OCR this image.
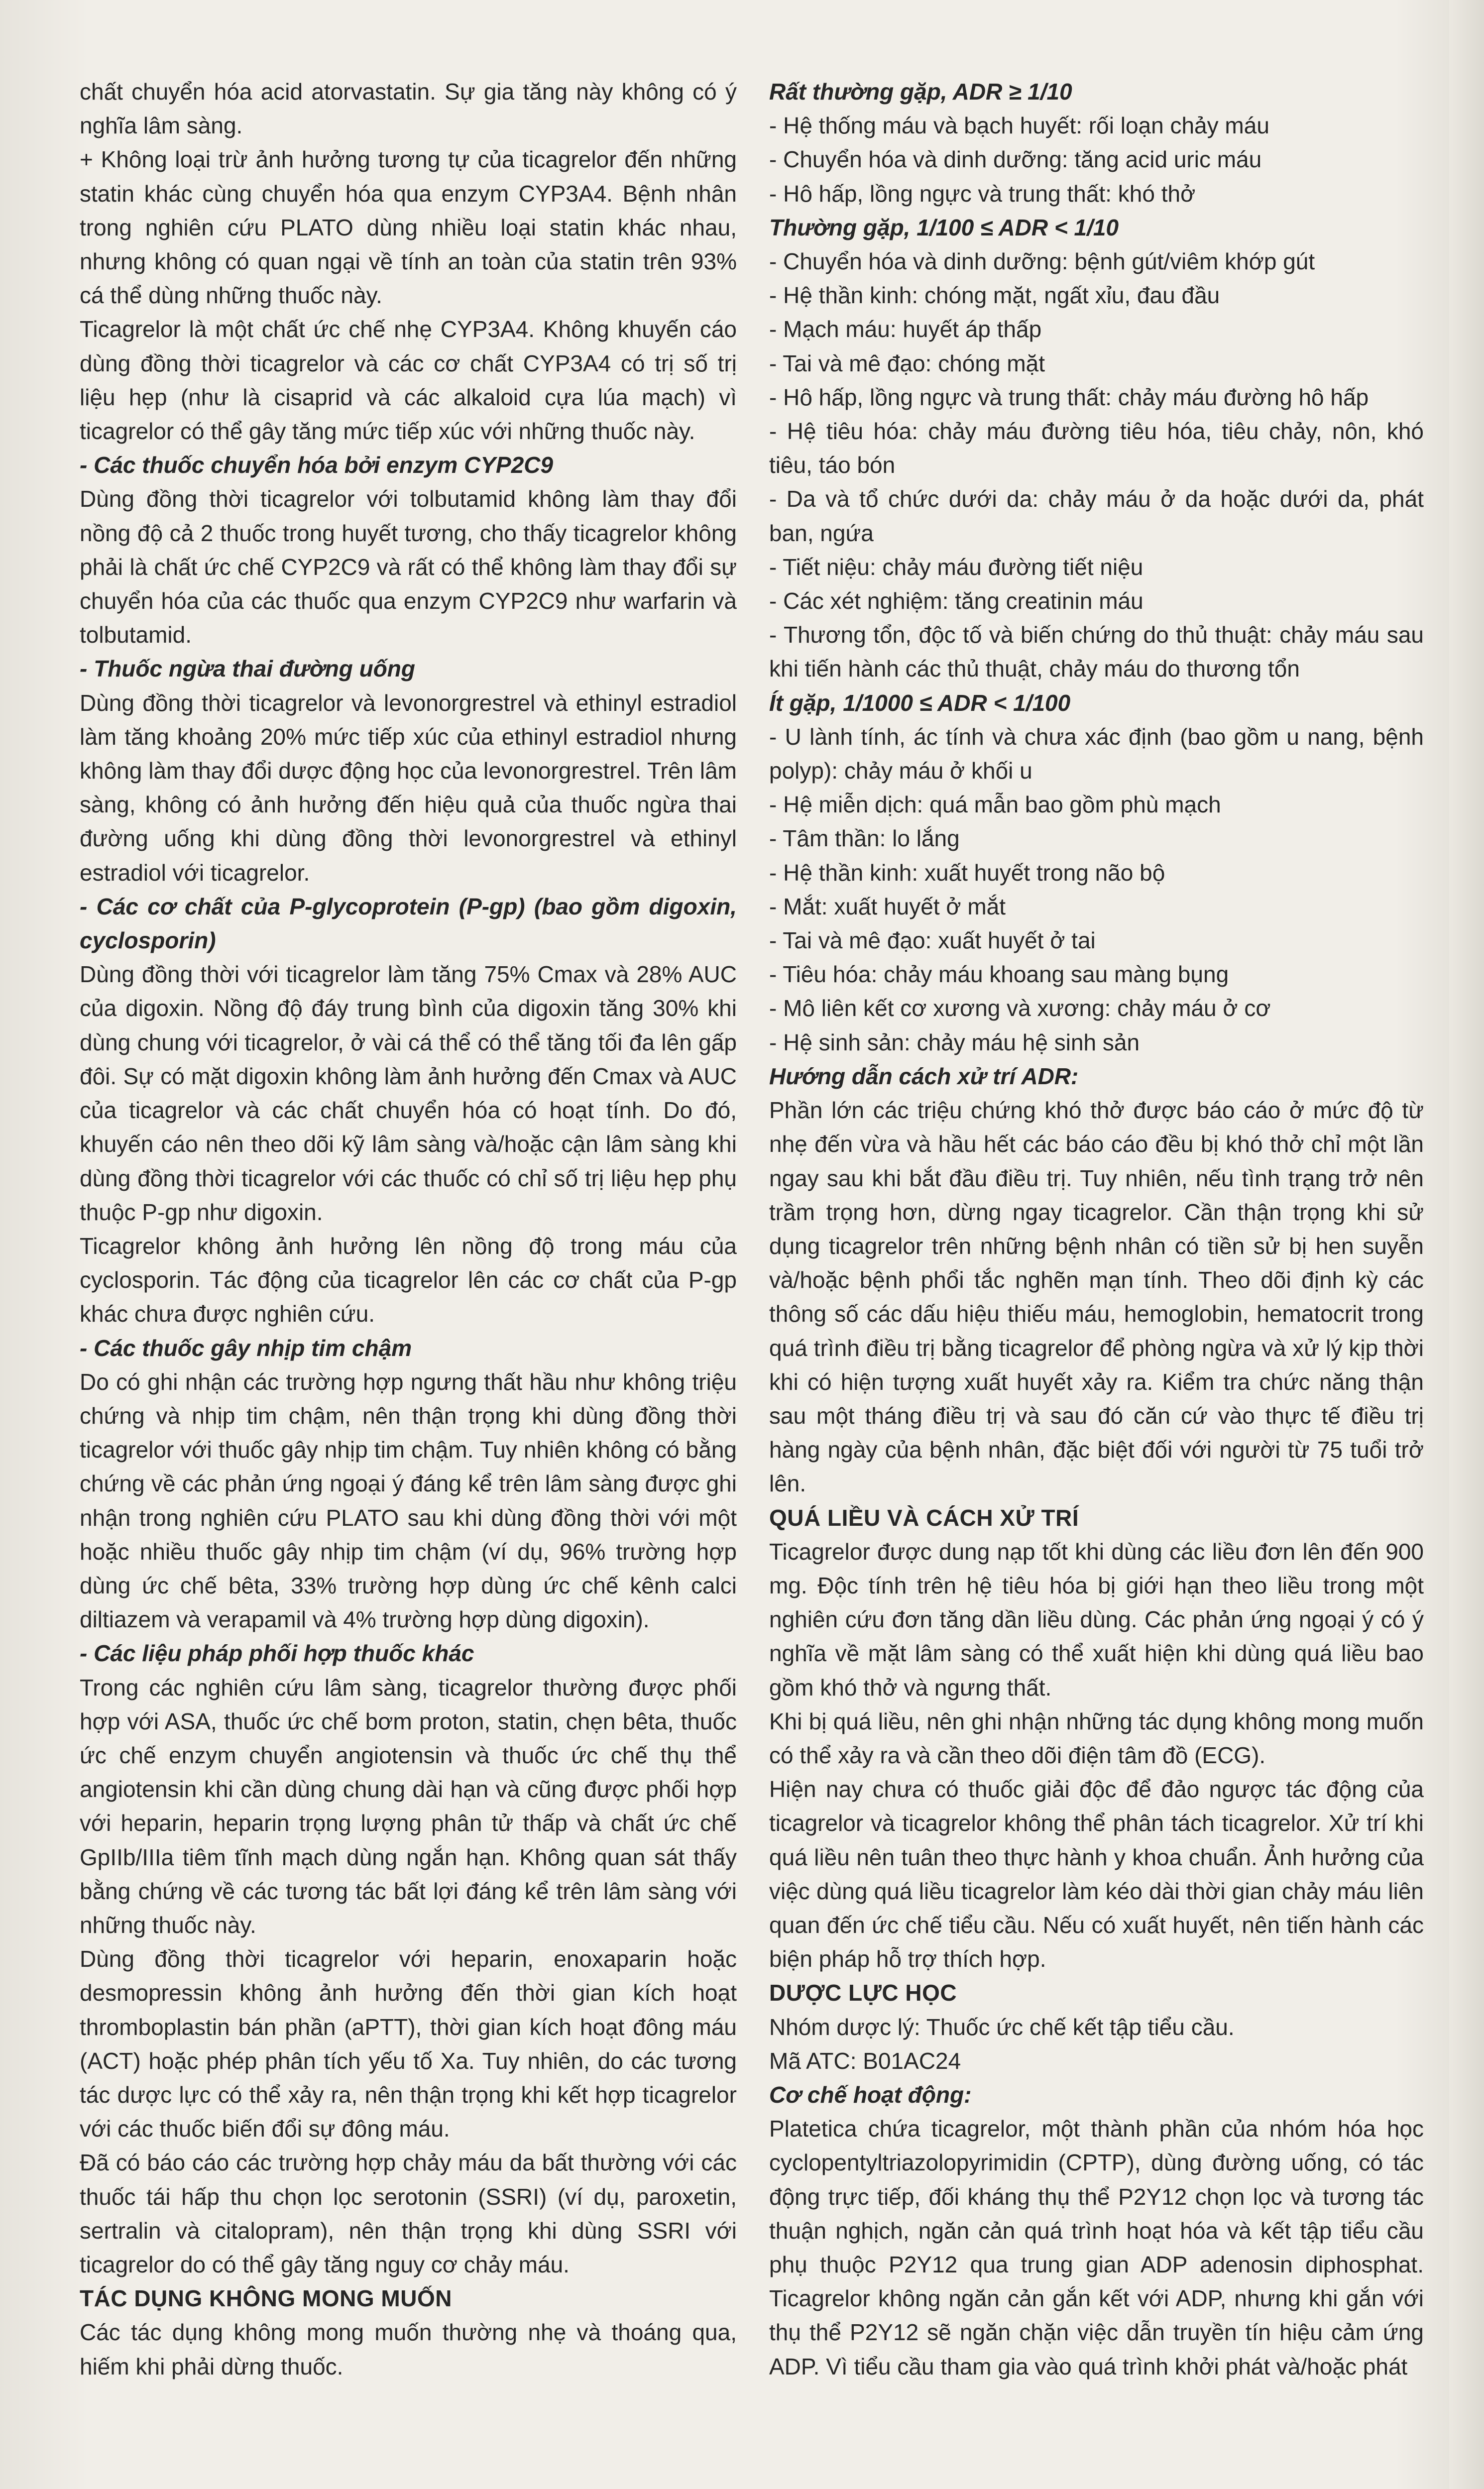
chất chuyển hóa acid atorvastatin. Sự gia tăng này không có ý nghĩa lâm sàng.

+ Không loại trừ ảnh hưởng tương tự của ticagrelor đến những statin khác cùng chuyển hóa qua enzym CYP3A4. Bệnh nhân trong nghiên cứu PLATO dùng nhiều loại statin khác nhau, nhưng không có quan ngại về tính an toàn của statin trên 93% cá thể dùng những thuốc này.

Ticagrelor là một chất ức chế nhẹ CYP3A4. Không khuyến cáo dùng đồng thời ticagrelor và các cơ chất CYP3A4 có trị số trị liệu hẹp (như là cisaprid và các alkaloid cựa lúa mạch) vì ticagrelor có thể gây tăng mức tiếp xúc với những thuốc này.

- Các thuốc chuyển hóa bởi enzym CYP2C9

Dùng đồng thời ticagrelor với tolbutamid không làm thay đổi nồng độ cả 2 thuốc trong huyết tương, cho thấy ticagrelor không phải là chất ức chế CYP2C9 và rất có thể không làm thay đổi sự chuyển hóa của các thuốc qua enzym CYP2C9 như warfarin và tolbutamid.

- Thuốc ngừa thai đường uống

Dùng đồng thời ticagrelor và levonorgrestrel và ethinyl estradiol làm tăng khoảng 20% mức tiếp xúc của ethinyl estradiol nhưng không làm thay đổi dược động học của levonorgrestrel. Trên lâm sàng, không có ảnh hưởng đến hiệu quả của thuốc ngừa thai đường uống khi dùng đồng thời levonorgrestrel và ethinyl estradiol với ticagrelor.

- Các cơ chất của P-glycoprotein (P-gp) (bao gồm digoxin, cyclosporin)

Dùng đồng thời với ticagrelor làm tăng 75% Cmax và 28% AUC của digoxin. Nồng độ đáy trung bình của digoxin tăng 30% khi dùng chung với ticagrelor, ở vài cá thể có thể tăng tối đa lên gấp đôi. Sự có mặt digoxin không làm ảnh hưởng đến Cmax và AUC của ticagrelor và các chất chuyển hóa có hoạt tính. Do đó, khuyến cáo nên theo dõi kỹ lâm sàng và/hoặc cận lâm sàng khi dùng đồng thời ticagrelor với các thuốc có chỉ số trị liệu hẹp phụ thuộc P-gp như digoxin.

Ticagrelor không ảnh hưởng lên nồng độ trong máu của cyclosporin. Tác động của ticagrelor lên các cơ chất của P-gp khác chưa được nghiên cứu.

- Các thuốc gây nhịp tim chậm

Do có ghi nhận các trường hợp ngưng thất hầu như không triệu chứng và nhịp tim chậm, nên thận trọng khi dùng đồng thời ticagrelor với thuốc gây nhịp tim chậm. Tuy nhiên không có bằng chứng về các phản ứng ngoại ý đáng kể trên lâm sàng được ghi nhận trong nghiên cứu PLATO sau khi dùng đồng thời với một hoặc nhiều thuốc gây nhịp tim chậm (ví dụ, 96% trường hợp dùng ức chế bêta, 33% trường hợp dùng ức chế kênh calci diltiazem và verapamil và 4% trường hợp dùng digoxin).

- Các liệu pháp phối hợp thuốc khác

Trong các nghiên cứu lâm sàng, ticagrelor thường được phối hợp với ASA, thuốc ức chế bơm proton, statin, chẹn bêta, thuốc ức chế enzym chuyển angiotensin và thuốc ức chế thụ thể angiotensin khi cần dùng chung dài hạn và cũng được phối hợp với heparin, heparin trọng lượng phân tử thấp và chất ức chế GpIIb/IIIa tiêm tĩnh mạch dùng ngắn hạn. Không quan sát thấy bằng chứng về các tương tác bất lợi đáng kể trên lâm sàng với những thuốc này.

Dùng đồng thời ticagrelor với heparin, enoxaparin hoặc desmopressin không ảnh hưởng đến thời gian kích hoạt thromboplastin bán phần (aPTT), thời gian kích hoạt đông máu (ACT) hoặc phép phân tích yếu tố Xa. Tuy nhiên, do các tương tác dược lực có thể xảy ra, nên thận trọng khi kết hợp ticagrelor với các thuốc biến đổi sự đông máu.

Đã có báo cáo các trường hợp chảy máu da bất thường với các thuốc tái hấp thu chọn lọc serotonin (SSRI) (ví dụ, paroxetin, sertralin và citalopram), nên thận trọng khi dùng SSRI với ticagrelor do có thể gây tăng nguy cơ chảy máu.

TÁC DỤNG KHÔNG MONG MUỐN

Các tác dụng không mong muốn thường nhẹ và thoáng qua, hiếm khi phải dừng thuốc.

Rất thường gặp, ADR ≥ 1/10

- Hệ thống máu và bạch huyết: rối loạn chảy máu

- Chuyển hóa và dinh dưỡng: tăng acid uric máu

- Hô hấp, lồng ngực và trung thất: khó thở

Thường gặp, 1/100 ≤ ADR < 1/10

- Chuyển hóa và dinh dưỡng: bệnh gút/viêm khớp gút

- Hệ thần kinh: chóng mặt, ngất xỉu, đau đầu

- Mạch máu: huyết áp thấp

- Tai và mê đạo: chóng mặt

- Hô hấp, lồng ngực và trung thất: chảy máu đường hô hấp

- Hệ tiêu hóa: chảy máu đường tiêu hóa, tiêu chảy, nôn, khó tiêu, táo bón

- Da và tổ chức dưới da: chảy máu ở da hoặc dưới da, phát ban, ngứa

- Tiết niệu: chảy máu đường tiết niệu

- Các xét nghiệm: tăng creatinin máu

- Thương tổn, độc tố và biến chứng do thủ thuật: chảy máu sau khi tiến hành các thủ thuật, chảy máu do thương tổn

Ít gặp, 1/1000 ≤ ADR < 1/100

- U lành tính, ác tính và chưa xác định (bao gồm u nang, bệnh polyp): chảy máu ở khối u

- Hệ miễn dịch: quá mẫn bao gồm phù mạch

- Tâm thần: lo lắng

- Hệ thần kinh: xuất huyết trong não bộ

- Mắt: xuất huyết ở mắt

- Tai và mê đạo: xuất huyết ở tai

- Tiêu hóa: chảy máu khoang sau màng bụng

- Mô liên kết cơ xương và xương: chảy máu ở cơ

- Hệ sinh sản: chảy máu hệ sinh sản

Hướng dẫn cách xử trí ADR:

Phần lớn các triệu chứng khó thở được báo cáo ở mức độ từ nhẹ đến vừa và hầu hết các báo cáo đều bị khó thở chỉ một lần ngay sau khi bắt đầu điều trị. Tuy nhiên, nếu tình trạng trở nên trầm trọng hơn, dừng ngay ticagrelor. Cần thận trọng khi sử dụng ticagrelor trên những bệnh nhân có tiền sử bị hen suyễn và/hoặc bệnh phổi tắc nghẽn mạn tính. Theo dõi định kỳ các thông số các dấu hiệu thiếu máu, hemoglobin, hematocrit trong quá trình điều trị bằng ticagrelor để phòng ngừa và xử lý kịp thời khi có hiện tượng xuất huyết xảy ra. Kiểm tra chức năng thận sau một tháng điều trị và sau đó căn cứ vào thực tế điều trị hàng ngày của bệnh nhân, đặc biệt đối với người từ 75 tuổi trở lên.

QUÁ LIỀU VÀ CÁCH XỬ TRÍ

Ticagrelor được dung nạp tốt khi dùng các liều đơn lên đến 900 mg. Độc tính trên hệ tiêu hóa bị giới hạn theo liều trong một nghiên cứu đơn tăng dần liều dùng. Các phản ứng ngoại ý có ý nghĩa về mặt lâm sàng có thể xuất hiện khi dùng quá liều bao gồm khó thở và ngưng thất.

Khi bị quá liều, nên ghi nhận những tác dụng không mong muốn có thể xảy ra và cần theo dõi điện tâm đồ (ECG).

Hiện nay chưa có thuốc giải độc để đảo ngược tác động của ticagrelor và ticagrelor không thể phân tách ticagrelor. Xử trí khi quá liều nên tuân theo thực hành y khoa chuẩn. Ảnh hưởng của việc dùng quá liều ticagrelor làm kéo dài thời gian chảy máu liên quan đến ức chế tiểu cầu. Nếu có xuất huyết, nên tiến hành các biện pháp hỗ trợ thích hợp.

DƯỢC LỰC HỌC

Nhóm dược lý: Thuốc ức chế kết tập tiểu cầu.

Mã ATC: B01AC24

Cơ chế hoạt động:

Platetica chứa ticagrelor, một thành phần của nhóm hóa học cyclopentyltriazolopyrimidin (CPTP), dùng đường uống, có tác động trực tiếp, đối kháng thụ thể P2Y12 chọn lọc và tương tác thuận nghịch, ngăn cản quá trình hoạt hóa và kết tập tiểu cầu phụ thuộc P2Y12 qua trung gian ADP adenosin diphosphat. Ticagrelor không ngăn cản gắn kết với ADP, nhưng khi gắn với thụ thể P2Y12 sẽ ngăn chặn việc dẫn truyền tín hiệu cảm ứng ADP. Vì tiểu cầu tham gia vào quá trình khởi phát và/hoặc phát
